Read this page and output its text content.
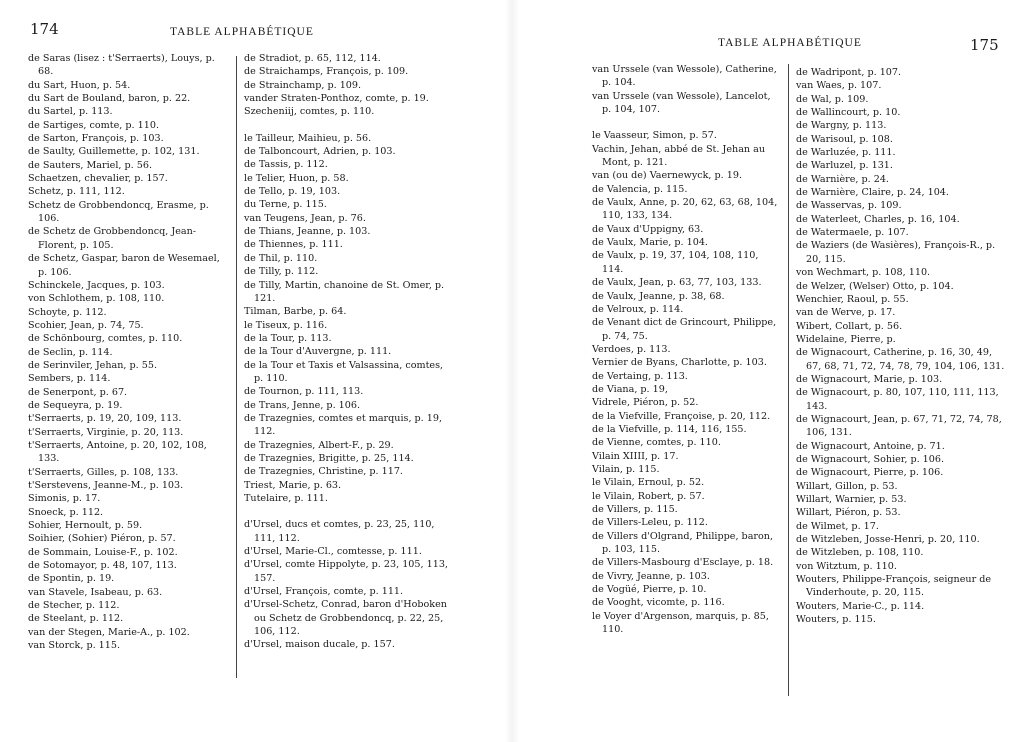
174	TABLE ALPHABÉTIQUE
de Saras (lisez : t'Serraerts), Louys, p. 68.
du Sart, Huon, p. 54.
du Sart de Bouland, baron, p. 22.
du Sartel, p. 113.
de Sartiges, comte, p. 110.
de Sarton, François, p. 103.
de Saulty, Guillemette, p. 102, 131.
de Sauters, Mariel, p. 56.
Schaetzen, chevalier, p. 157.
Schetz, p. 111, 112.
Schetz de Grobbendoncq, Erasme, p. 106.
de Schetz de Grobbendoncq, Jean-Florent, p. 105.
de Schetz, Gaspar, baron de Wesemael, p. 106.
Schinckele, Jacques, p. 103.
von Schlothem, p. 108, 110.
Schoyte, p. 112.
Scohier, Jean, p. 74, 75.
de Schönbourg, comtes, p. 110.
de Seclin, p. 114.
de Serinviler, Jehan, p. 55.
Sembers, p. 114.
de Senerpont, p. 67.
de Sequeyra, p. 19.
t'Serraerts, p. 19, 20, 109, 113.
t'Serraerts, Virginie, p. 20, 113.
t'Serraerts, Antoine, p. 20, 102, 108, 133.
t'Serraerts, Gilles, p. 108, 133.
t'Serstevens, Jeanne-M., p. 103.
Simonis, p. 17.
Snoeck, p. 112.
Sohier, Hernoult, p. 59.
Soihier, (Sohier) Piéron, p. 57.
de Sommain, Louise-F., p. 102.
de Sotomayor, p. 48, 107, 113.
de Spontin, p. 19.
van Stavele, Isabeau, p. 63.
de Stecher, p. 112.
de Steelant, p. 112.
van der Stegen, Marie-A., p. 102.
van Storck, p. 115.
de Stradiot, p. 65, 112, 114.
de Straichamps, François, p. 109.
de Strainchamp, p. 109.
vander Straten-Ponthoz, comte, p. 19.
Szecheniij, comtes, p. 110.
le Tailleur, Maihieu, p. 56.
de Talboncourt, Adrien, p. 103.
de Tassis, p. 112.
le Telier, Huon, p. 58.
de Tello, p. 19, 103.
du Terne, p. 115.
van Teugens, Jean, p. 76.
de Thians, Jeanne, p. 103.
de Thiennes, p. 111.
de Thil, p. 110.
de Tilly, p. 112.
de Tilly, Martin, chanoine de St. Omer, p. 121.
Tilman, Barbe, p. 64.
le Tiseux, p. 116.
de la Tour, p. 113.
de la Tour d'Auvergne, p. 111.
de la Tour et Taxis et Valsassina, comtes, p. 110.
de Tournon, p. 111, 113.
de Trans, Jenne, p. 106.
de Trazegnies, comtes et marquis, p. 19, 112.
de Trazegnies, Albert-F., p. 29.
de Trazegnies, Brigitte, p. 25, 114.
de Trazegnies, Christine, p. 117.
Triest, Marie, p. 63.
Tutelaire, p. 111.
d'Ursel, ducs et comtes, p. 23, 25, 110, 111, 112.
d'Ursel, Marie-Cl., comtesse, p. 111.
d'Ursel, comte Hippolyte, p. 23, 105, 113, 157.
d'Ursel, François, comte, p. 111.
d'Ursel-Schetz, Conrad, baron d'Hoboken ou Schetz de Grobbendoncq, p. 22, 25, 106, 112.
d'Ursel, maison ducale, p. 157.
TABLE ALPHABÉTIQUE	175
van Urssele (van Wessole), Catherine, p. 104.
van Urssele (van Wessole), Lancelot, p. 104, 107.
le Vaasseur, Simon, p. 57.
Vachin, Jehan, abbé de St. Jehan au Mont, p. 121.
van (ou de) Vaernewyck, p. 19.
de Valencia, p. 115.
de Vaulx, Anne, p. 20, 62, 63, 68, 104, 110, 133, 134.
de Vaux d'Uppigny, 63.
de Vaulx, Marie, p. 104.
de Vaulx, p. 19, 37, 104, 108, 110, 114.
de Vaulx, Jean, p. 63, 77, 103, 133.
de Vaulx, Jeanne, p. 38, 68.
de Velroux, p. 114.
de Venant dict de Grincourt, Philippe, p. 74, 75.
Verdoes, p. 113.
Vernier de Byans, Charlotte, p. 103.
de Vertaing, p. 113.
de Viana, p. 19,
Vidrele, Piéron, p. 52.
de la Viefville, Françoise, p. 20, 112.
de la Viefville, p. 114, 116, 155.
de Vienne, comtes, p. 110.
Vilain XIIII, p. 17.
Vilain, p. 115.
le Vilain, Ernoul, p. 52.
le Vilain, Robert, p. 57.
de Villers, p. 115.
de Villers-Leleu, p. 112.
de Villers d'Olgrand, Philippe, baron, p. 103, 115.
de Villers-Masbourg d'Esclaye, p. 18.
de Vivry, Jeanne, p. 103.
de Vogüé, Pierre, p. 10.
de Vooght, vicomte, p. 116.
le Voyer d'Argenson, marquis, p. 85, 110.
de Wadripont, p. 107.
van Waes, p. 107.
de Wal, p. 109.
de Wallincourt, p. 10.
de Wargny, p. 113.
de Warisoul, p. 108.
de Warluzée, p. 111.
de Warluzel, p. 131.
de Warnière, p. 24.
de Warnière, Claire, p. 24, 104.
de Wasservas, p. 109.
de Waterleet, Charles, p. 16, 104.
de Watermaele, p. 107.
de Waziers (de Wasières), François-R., p. 20, 115.
von Wechmart, p. 108, 110.
de Welzer, (Welser) Otto, p. 104.
Wenchier, Raoul, p. 55.
van de Werve, p. 17.
Wibert, Collart, p. 56.
Widelaine, Pierre, p.
de Wignacourt, Catherine, p. 16, 30, 49, 67, 68, 71, 72, 74, 78, 79, 104, 106, 131.
de Wignacourt, Marie, p. 103.
de Wignacourt, p. 80, 107, 110, 111, 113, 143.
de Wignacourt, Jean, p. 67, 71, 72, 74, 78, 106, 131.
de Wignacourt, Antoine, p. 71.
de Wignacourt, Sohier, p. 106.
de Wignacourt, Pierre, p. 106.
Willart, Gillon, p. 53.
Willart, Warnier, p. 53.
Willart, Piéron, p. 53.
de Wilmet, p. 17.
de Witzleben, Josse-Henri, p. 20, 110.
de Witzleben, p. 108, 110.
von Witztum, p. 110.
Wouters, Philippe-François, seigneur de Vinderhoute, p. 20, 115.
Wouters, Marie-C., p. 114.
Wouters, p. 115.
